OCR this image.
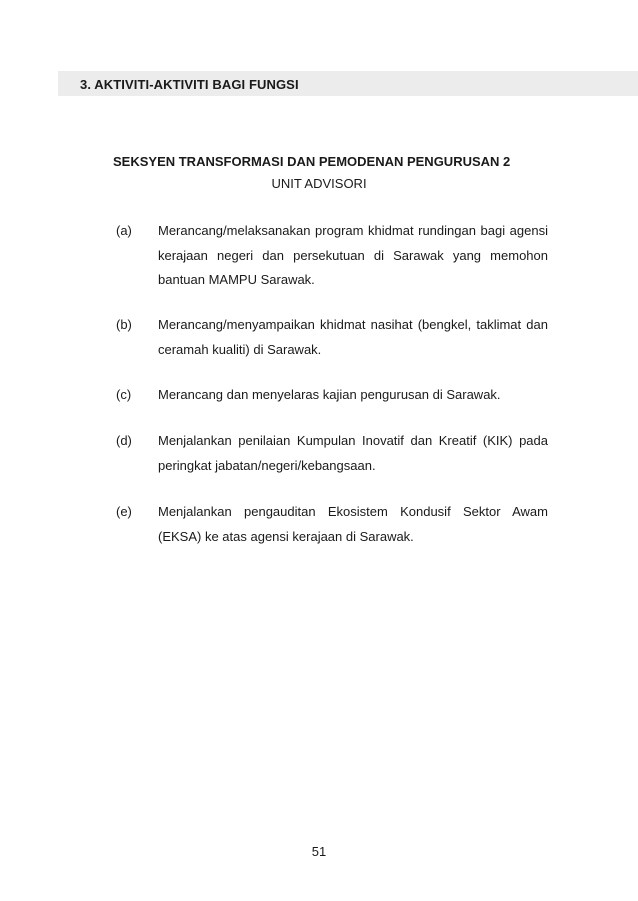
3. AKTIVITI-AKTIVITI BAGI FUNGSI
SEKSYEN TRANSFORMASI DAN PEMODENAN PENGURUSAN 2
UNIT ADVISORI
(a) Merancang/melaksanakan program khidmat rundingan bagi agensi kerajaan negeri dan persekutuan di Sarawak yang memohon bantuan MAMPU Sarawak.
(b) Merancang/menyampaikan khidmat nasihat (bengkel, taklimat dan ceramah kualiti) di Sarawak.
(c) Merancang dan menyelaras kajian pengurusan di Sarawak.
(d) Menjalankan penilaian Kumpulan Inovatif dan Kreatif (KIK) pada peringkat jabatan/negeri/kebangsaan.
(e) Menjalankan pengauditan Ekosistem Kondusif Sektor Awam (EKSA) ke atas agensi kerajaan di Sarawak.
51
